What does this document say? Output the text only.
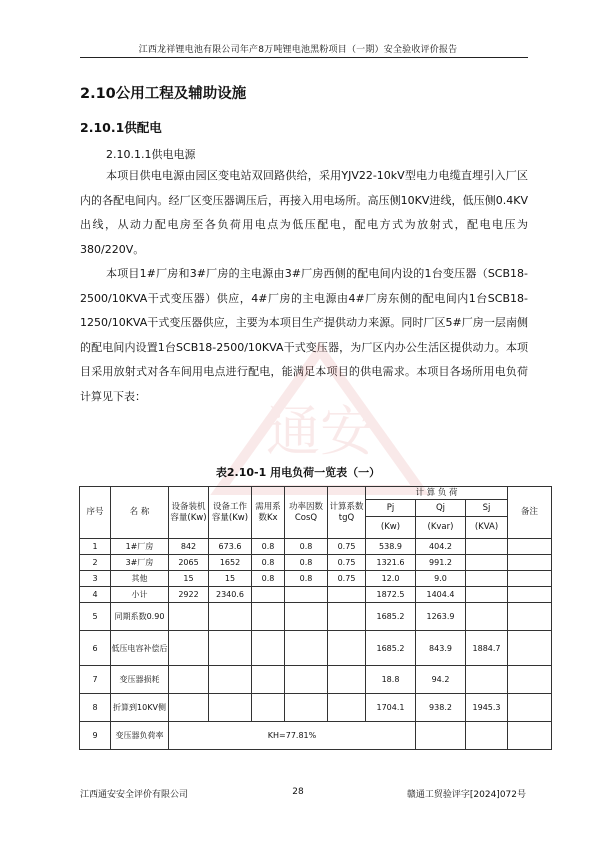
江西龙祥锂电池有限公司年产8万吨锂电池黑粉项目（一期）安全验收评价报告
2.10公用工程及辅助设施
2.10.1供配电
2.10.1.1供电电源
本项目供电电源由园区变电站双回路供给，采用YJV22-10kV型电力电缆直埋引入厂区内的各配电间内。经厂区变压器调压后，再接入用电场所。高压侧10KV进线，低压侧0.4KV出线，从动力配电房至各负荷用电点为低压配电，配电方式为放射式，配电电压为380/220V。
本项目1#厂房和3#厂房的主电源由3#厂房西侧的配电间内设的1台变压器（SCB18-2500/10KVA干式变压器）供应，4#厂房的主电源由4#厂房东侧的配电间内1台SCB18-1250/10KVA干式变压器供应，主要为本项目生产提供动力来源。同时厂区5#厂房一层南侧的配电间内设置1台SCB18-2500/10KVA干式变压器，为厂区内办公生活区提供动力。本项目采用放射式对各车间用电点进行配电，能满足本项目的供电需求。本项目各场所用电负荷计算见下表：
通安
表2.10-1 用电负荷一览表（一）
序号	名 称	设备装机容量(Kw)	设备工作容量(Kw)	需用系数Kx	功率因数CosQ	计算系数tgQ	计 算 负 荷			备注
							Pj	Qj	Sj	
							(Kw)	(Kvar)	(KVA)	
1	1#厂房	842	673.6	0.8	0.8	0.75	538.9	404.2		
2	3#厂房	2065	1652	0.8	0.8	0.75	1321.6	991.2		
3	其他	15	15	0.8	0.8	0.75	12.0	9.0		
4	小计	2922	2340.6				1872.5	1404.4		
5	同期系数0.90						1685.2	1263.9		
6	低压电容补偿后						1685.2	843.9	1884.7	
7	变压器损耗						18.8	94.2		
8	折算到10KV侧						1704.1	938.2	1945.3	
9	变压器负荷率	KH=77.81%								
江西通安安全评价有限公司	28	赣通工贸验评字[2024]072号
